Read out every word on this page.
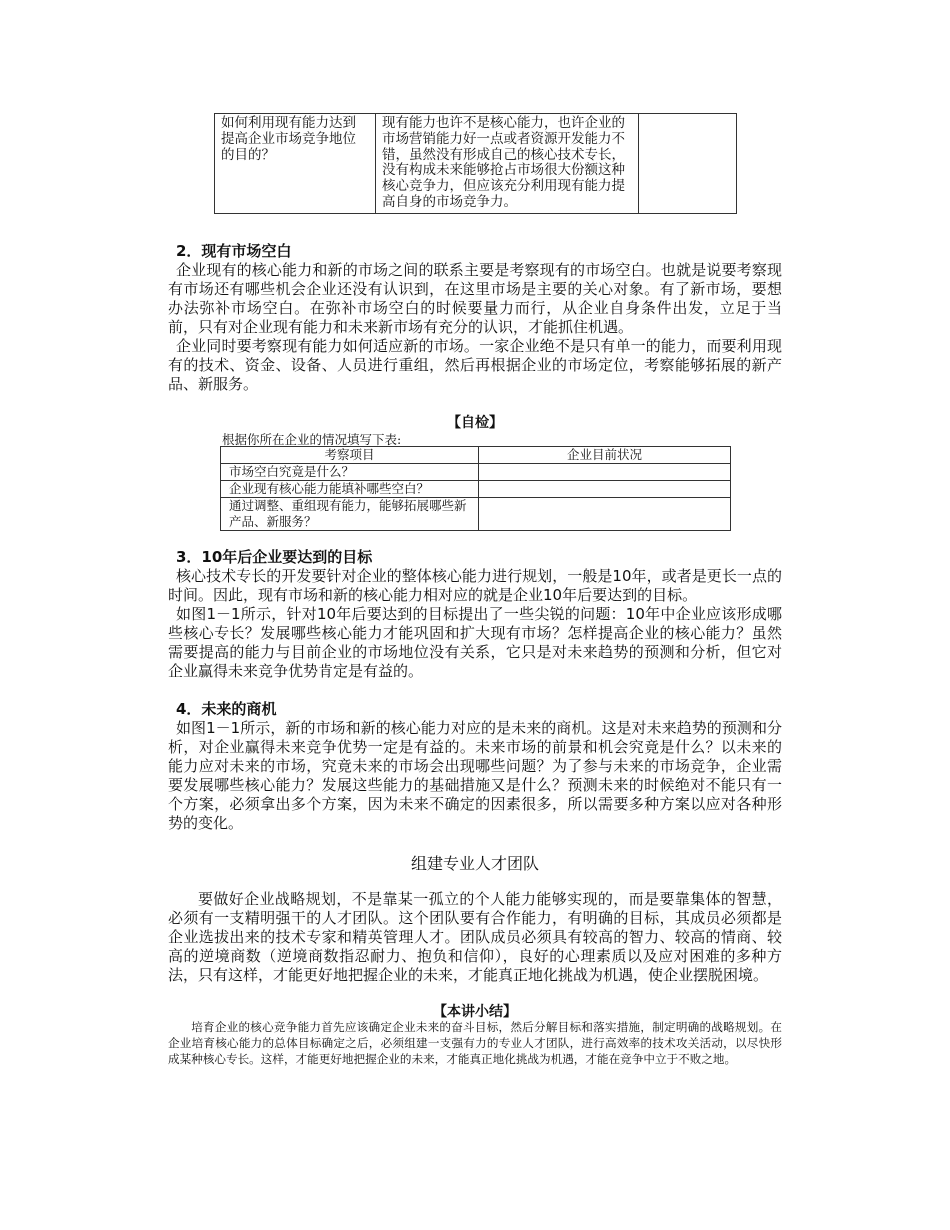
如何利用现有能力达到提高企业市场竞争地位的目的？	现有能力也许不是核心能力，也许企业的市场营销能力好一点或者资源开发能力不错，虽然没有形成自己的核心技术专长，没有构成未来能够抢占市场很大份额这种核心竞争力，但应该充分利用现有能力提高自身的市场竞争力。	
2．现有市场空白

企业现有的核心能力和新的市场之间的联系主要是考察现有的市场空白。也就是说要考察现有市场还有哪些机会企业还没有认识到，在这里市场是主要的关心对象。有了新市场，要想办法弥补市场空白。在弥补市场空白的时候要量力而行，从企业自身条件出发，立足于当前，只有对企业现有能力和未来新市场有充分的认识，才能抓住机遇。

企业同时要考察现有能力如何适应新的市场。一家企业绝不是只有单一的能力，而要利用现有的技术、资金、设备、人员进行重组，然后再根据企业的市场定位，考察能够拓展的新产品、新服务。

【自检】
根据你所在企业的情况填写下表:
考察项目	企业目前状况
市场空白究竟是什么？	
企业现有核心能力能填补哪些空白？	
通过调整、重组现有能力，能够拓展哪些新产品、新服务？	
3．10年后企业要达到的目标

核心技术专长的开发要针对企业的整体核心能力进行规划，一般是10年，或者是更长一点的时间。因此，现有市场和新的核心能力相对应的就是企业10年后要达到的目标。

如图1－1所示，针对10年后要达到的目标提出了一些尖锐的问题：10年中企业应该形成哪些核心专长？发展哪些核心能力才能巩固和扩大现有市场？怎样提高企业的核心能力？虽然需要提高的能力与目前企业的市场地位没有关系，它只是对未来趋势的预测和分析，但它对企业赢得未来竞争优势肯定是有益的。

4．未来的商机

如图1－1所示，新的市场和新的核心能力对应的是未来的商机。这是对未来趋势的预测和分析，对企业赢得未来竞争优势一定是有益的。未来市场的前景和机会究竟是什么？以未来的能力应对未来的市场，究竟未来的市场会出现哪些问题？为了参与未来的市场竞争，企业需要发展哪些核心能力？发展这些能力的基础措施又是什么？预测未来的时候绝对不能只有一个方案，必须拿出多个方案，因为未来不确定的因素很多，所以需要多种方案以应对各种形势的变化。

组建专业人才团队

要做好企业战略规划，不是靠某一孤立的个人能力能够实现的，而是要靠集体的智慧，必须有一支精明强干的人才团队。这个团队要有合作能力，有明确的目标，其成员必须都是企业选拔出来的技术专家和精英管理人才。团队成员必须具有较高的智力、较高的情商、较高的逆境商数（逆境商数指忍耐力、抱负和信仰），良好的心理素质以及应对困难的多种方法，只有这样，才能更好地把握企业的未来，才能真正地化挑战为机遇，使企业摆脱困境。

【本讲小结】

培育企业的核心竞争能力首先应该确定企业未来的奋斗目标，然后分解目标和落实措施，制定明确的战略规划。在企业培育核心能力的总体目标确定之后，必须组建一支强有力的专业人才团队，进行高效率的技术攻关活动，以尽快形成某种核心专长。这样，才能更好地把握企业的未来，才能真正地化挑战为机遇，才能在竞争中立于不败之地。
